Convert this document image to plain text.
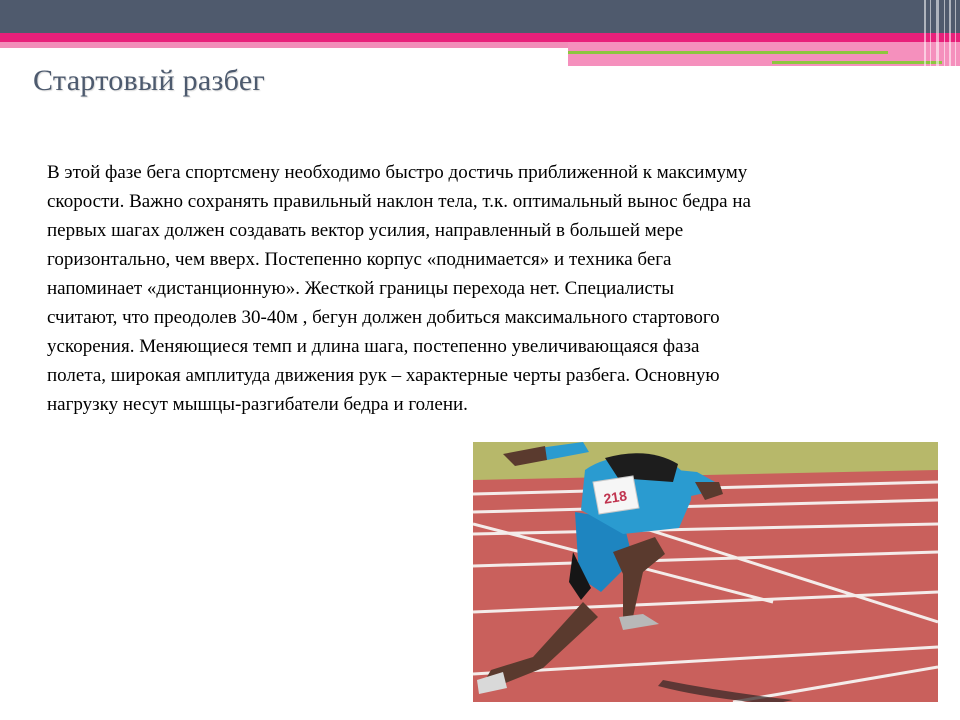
Стартовый разбег

В этой фазе бега спортсмену необходимо быстро достичь приближенной к максимуму
скорости. Важно сохранять правильный наклон тела, т.к. оптимальный вынос бедра на
первых шагах должен создавать вектор усилия, направленный в большей мере
горизонтально, чем вверх. Постепенно корпус «поднимается» и техника бега
напоминает «дистанционную». Жесткой границы перехода нет. Специалисты
считают, что преодолев 30-40м , бегун должен добиться максимального стартового
ускорения. Меняющиеся темп и длина шага, постепенно увеличивающаяся фаза
полета, широкая амплитуда движения рук – характерные черты разбега. Основную
нагрузку несут мышцы-разгибатели бедра и голени.

218
